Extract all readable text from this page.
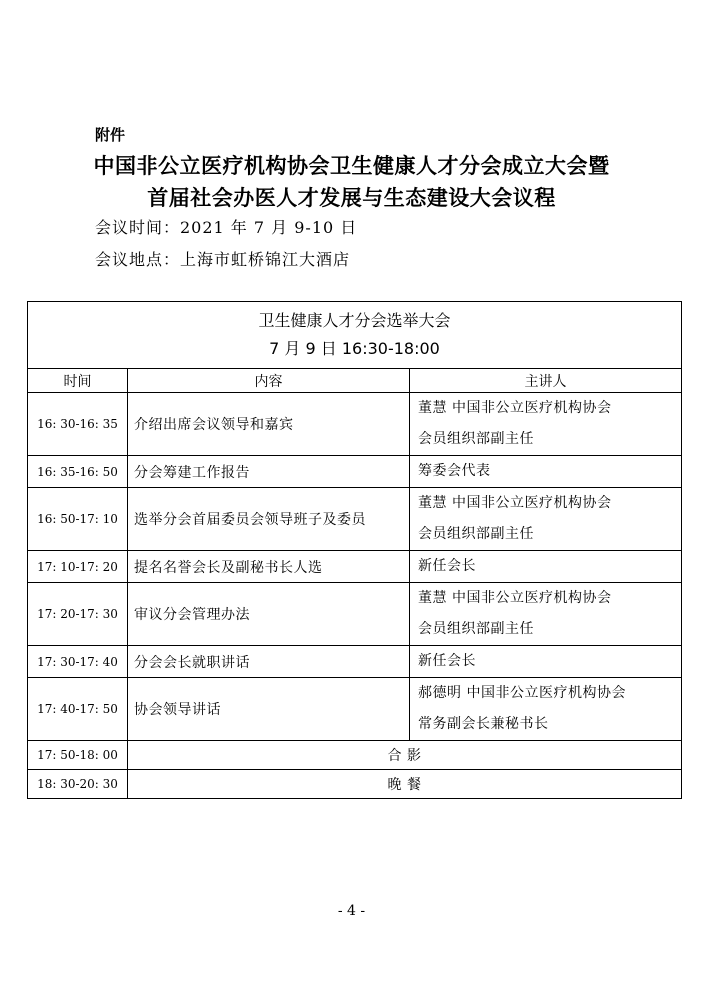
附件
中国非公立医疗机构协会卫生健康人才分会成立大会暨
首届社会办医人才发展与生态建设大会议程
会议时间：2021 年 7 月 9-10 日
会议地点：上海市虹桥锦江大酒店
卫生健康人才分会选举大会
7 月 9 日 16:30-18:00		

时间	内容	主讲人
16: 30-16: 35	介绍出席会议领导和嘉宾	董慧 中国非公立医疗机构协会
会员组织部副主任

16: 35-16: 50	分会筹建工作报告	筹委会代表

16: 50-17: 10	选举分会首届委员会领导班子及委员	董慧 中国非公立医疗机构协会
会员组织部副主任

17: 10-17: 20	提名名誉会长及副秘书长人选	新任会长

17: 20-17: 30	审议分会管理办法	董慧 中国非公立医疗机构协会
会员组织部副主任

17: 30-17: 40	分会会长就职讲话	新任会长

17: 40-17: 50	协会领导讲话	郝德明 中国非公立医疗机构协会
常务副会长兼秘书长

17: 50-18: 00	合 影	
18: 30-20: 30	晚 餐	
- 4 -
